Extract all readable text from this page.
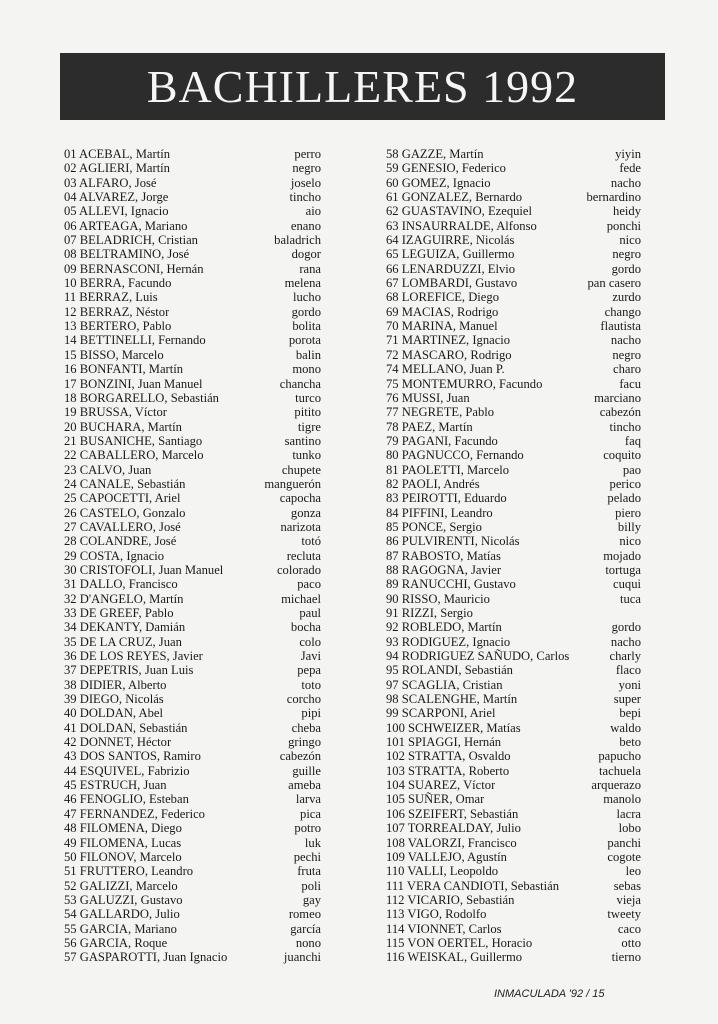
BACHILLERES 1992
01 ACEBAL, Martín	perro
02 AGLIERI, Martín	negro
03 ALFARO, José	joselo
04 ALVAREZ, Jorge	tincho
05 ALLEVI, Ignacio	aio
06 ARTEAGA, Mariano	enano
07 BELADRICH, Cristian	baladrich
08 BELTRAMINO, José	dogor
09 BERNASCONI, Hernán	rana
10 BERRA, Facundo	melena
11 BERRAZ, Luis	lucho
12 BERRAZ, Néstor	gordo
13 BERTERO, Pablo	bolita
14 BETTINELLI, Fernando	porota
15 BISSO, Marcelo	balin
16 BONFANTI, Martín	mono
17 BONZINI, Juan Manuel	chancha
18 BORGARELLO, Sebastián	turco
19 BRUSSA, Víctor	pitito
20 BUCHARA, Martín	tigre
21 BUSANICHE, Santiago	santino
22 CABALLERO, Marcelo	tunko
23 CALVO, Juan	chupete
24 CANALE, Sebastián	manguerón
25 CAPOCETTI, Ariel	capocha
26 CASTELO, Gonzalo	gonza
27 CAVALLERO, José	narizota
28 COLANDRE, José	totó
29 COSTA, Ignacio	recluta
30 CRISTOFOLI, Juan Manuel	colorado
31 DALLO, Francisco	paco
32 D'ANGELO, Martín	michael
33 DE GREEF, Pablo	paul
34 DEKANTY, Damián	bocha
35 DE LA CRUZ, Juan	colo
36 DE LOS REYES, Javier	Javi
37 DEPETRIS, Juan Luis	pepa
38 DIDIER, Alberto	toto
39 DIEGO, Nicolás	corcho
40 DOLDAN, Abel	pipi
41 DOLDAN, Sebastián	cheba
42 DONNET, Héctor	gringo
43 DOS SANTOS, Ramiro	cabezón
44 ESQUIVEL, Fabrizio	guille
45 ESTRUCH, Juan	ameba
46 FENOGLIO, Esteban	larva
47 FERNANDEZ, Federico	pica
48 FILOMENA, Diego	potro
49 FILOMENA, Lucas	luk
50 FILONOV, Marcelo	pechi
51 FRUTTERO, Leandro	fruta
52 GALIZZI, Marcelo	poli
53 GALUZZI, Gustavo	gay
54 GALLARDO, Julio	romeo
55 GARCIA, Mariano	garcía
56 GARCIA, Roque	nono
57 GASPAROTTI, Juan Ignacio	juanchi
58 GAZZE, Martín	yiyin
59 GENESIO, Federico	fede
60 GOMEZ, Ignacio	nacho
61 GONZALEZ, Bernardo	bernardino
62 GUASTAVINO, Ezequiel	heidy
63 INSAURRALDE, Alfonso	ponchi
64 IZAGUIRRE, Nicolás	nico
65 LEGUIZA, Guillermo	negro
66 LENARDUZZI, Elvio	gordo
67 LOMBARDI, Gustavo	pan casero
68 LOREFICE, Diego	zurdo
69 MACIAS, Rodrigo	chango
70 MARINA, Manuel	flautista
71 MARTINEZ, Ignacio	nacho
72 MASCARO, Rodrigo	negro
74 MELLANO, Juan P.	charo
75 MONTEMURRO, Facundo	facu
76 MUSSI, Juan	marciano
77 NEGRETE, Pablo	cabezón
78 PAEZ, Martín	tincho
79 PAGANI, Facundo	faq
80 PAGNUCCO, Fernando	coquito
81 PAOLETTI, Marcelo	pao
82 PAOLI, Andrés	perico
83 PEIROTTI, Eduardo	pelado
84 PIFFINI, Leandro	piero
85 PONCE, Sergio	billy
86 PULVIRENTI, Nicolás	nico
87 RABOSTO, Matías	mojado
88 RAGOGNA, Javier	tortuga
89 RANUCCHI, Gustavo	cuqui
90 RISSO, Mauricio	tuca
91 RIZZI, Sergio
92 ROBLEDO, Martín	gordo
93 RODIGUEZ, Ignacio	nacho
94 RODRIGUEZ SAÑUDO, Carlos	charly
95 ROLANDI, Sebastián	flaco
97 SCAGLIA, Cristian	yoni
98 SCALENGHE, Martín	super
99 SCARPONI, Ariel	bepi
100 SCHWEIZER, Matías	waldo
101 SPIAGGI, Hernán	beto
102 STRATTA, Osvaldo	papucho
103 STRATTA, Roberto	tachuela
104 SUAREZ, Víctor	arquerazo
105 SUÑER, Omar	manolo
106 SZEIFERT, Sebastián	lacra
107 TORREALDAY, Julio	lobo
108 VALORZI, Francisco	panchi
109 VALLEJO, Agustín	cogote
110 VALLI, Leopoldo	leo
111 VERA CANDIOTI, Sebastián	sebas
112 VICARIO, Sebastián	vieja
113 VIGO, Rodolfo	tweety
114 VIONNET, Carlos	caco
115 VON OERTEL, Horacio	otto
116 WEISKAL, Guillermo	tierno
INMACULADA '92 / 15
